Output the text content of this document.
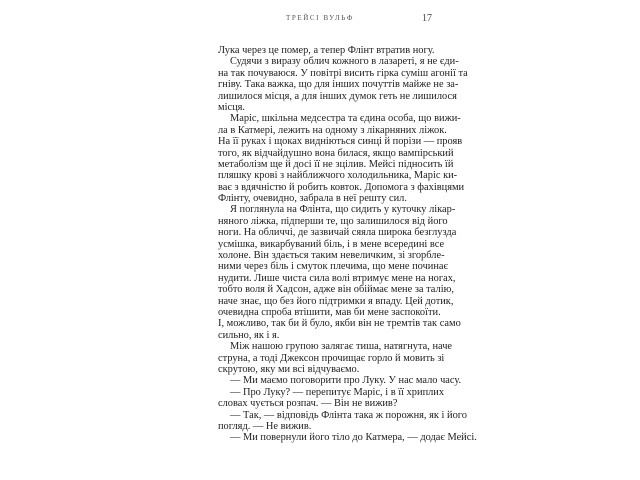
ТРЕЙСІ ВУЛЬФ	17
Лука через це помер, а тепер Флінт втратив ногу.
Судячи з виразу облич кожного в лазареті, я не єди-
на так почуваюся. У повітрі висить гірка суміш агонії та
гніву. Така важка, що для інших почуттів майже не за-
лишилося місця, а для інших думок геть не лишилося
місця.
Маріс, шкільна медсестра та єдина особа, що вижи-
ла в Катмері, лежить на одному з лікарняних ліжок.
На її руках і щоках видніються синці й порізи — прояв
того, як відчайдушно вона билася, якщо вампірський
метаболізм ще й досі її не зцілив. Мейсі підносить їй
пляшку крові з найближчого холодильника, Маріс ки-
ває з вдячністю й робить ковток. Допомога з фахівцями
Флінту, очевидно, забрала в неї решту сил.
Я поглянула на Флінта, що сидить у куточку лікар-
няного ліжка, підперши те, що залишилося від його
ноги. На обличчі, де зазвичай сяяла широка безглузда
усмішка, викарбуваний біль, і в мене всередині все
холоне. Він здається таким невеличким, зі згорбле-
ними через біль і смуток плечима, що мене починає
нудити. Лише чиста сила волі втримує мене на ногах,
тобто воля й Хадсон, адже він обіймає мене за талію,
наче знає, що без його підтримки я впаду. Цей дотик,
очевидна спроба втішити, мав би мене заспокоїти.
І, можливо, так би й було, якби він не тремтів так само
сильно, як і я.
Між нашою групою залягає тиша, натягнута, наче
струна, а тоді Джексон прочищає горло й мовить зі
скрутою, яку ми всі відчуваємо.
— Ми маємо поговорити про Луку. У нас мало часу.
— Про Луку? — перепитує Маріс, і в її хриплих
словах чується розпач. — Він не вижив?
— Так, — відповідь Флінта така ж порожня, як і його
погляд. — Не вижив.
— Ми повернули його тіло до Катмера, — додає Мейсі.
